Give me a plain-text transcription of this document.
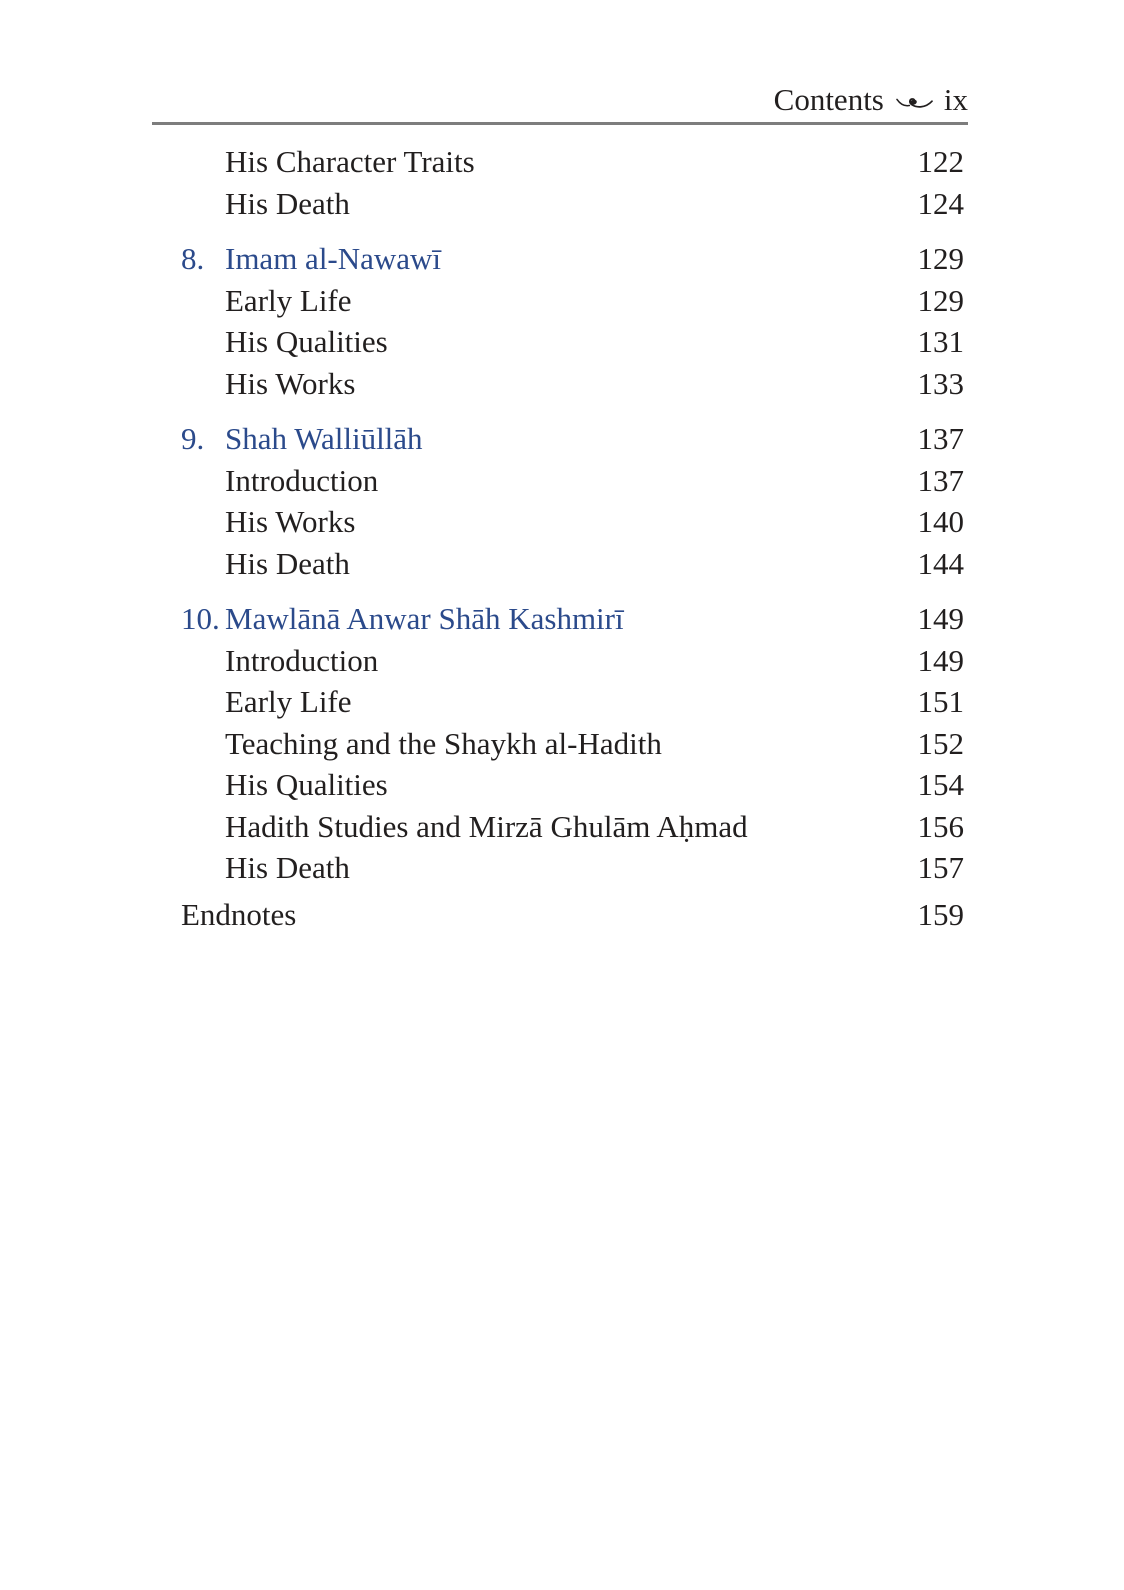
Contents ix
His Character Traits	122
His Death	124
8. Imam al-Nawawī	129
Early Life	129
His Qualities	131
His Works	133
9. Shah Walliūllāh	137
Introduction	137
His Works	140
His Death	144
10. Mawlānā Anwar Shāh Kashmirī	149
Introduction	149
Early Life	151
Teaching and the Shaykh al-Hadith	152
His Qualities	154
Hadith Studies and Mirzā Ghulām Aḥmad	156
His Death	157
Endnotes	159
